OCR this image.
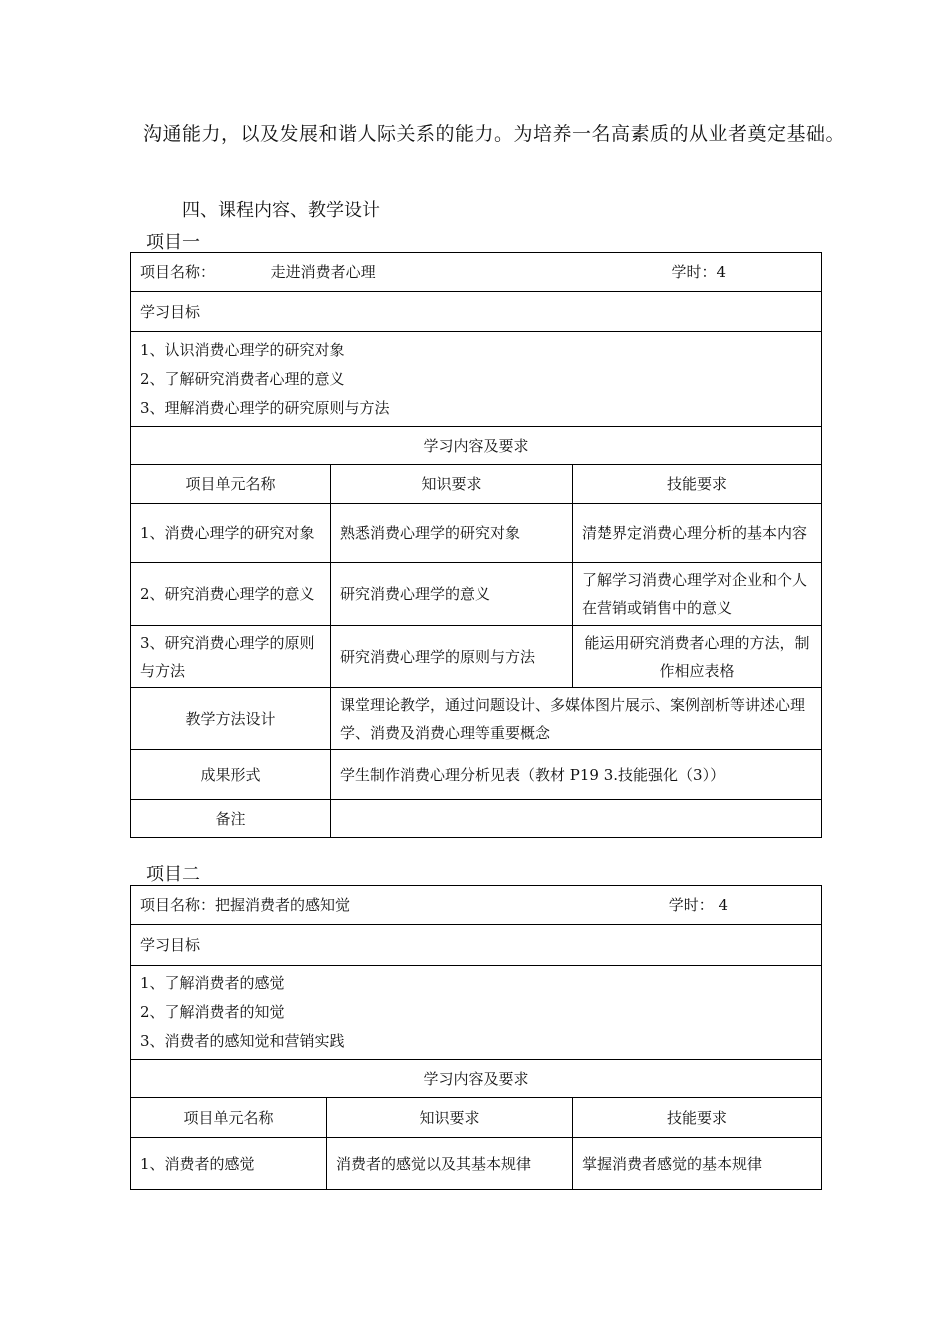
沟通能力，以及发展和谐人际关系的能力。为培养一名高素质的从业者奠定基础。
四、课程内容、教学设计
项目一
项目名称： 走进消费者心理 学时：4		

学习目标		

1、认识消费心理学的研究对象
2、了解研究消费者心理的意义
3、理解消费心理学的研究原则与方法		

学习内容及要求		
项目单元名称	知识要求	技能要求
1、消费心理学的研究对象	熟悉消费心理学的研究对象	清楚界定消费心理分析的基本内容
2、研究消费心理学的意义	研究消费心理学的意义	了解学习消费心理学对企业和个人在营销或销售中的意义
3、研究消费心理学的原则与方法	研究消费心理学的原则与方法	能运用研究消费者心理的方法，制作相应表格
教学方法设计	课堂理论教学，通过问题设计、多媒体图片展示、案例剖析等讲述心理学、消费及消费心理等重要概念	
成果形式	学生制作消费心理分析见表（教材 P19 3.技能强化（3））	
备注		
项目二
项目名称：把握消费者的感知觉 学时： 4		

学习目标		

1、了解消费者的感觉
2、了解消费者的知觉
3、消费者的感知觉和营销实践		

学习内容及要求		
项目单元名称	知识要求	技能要求
1、消费者的感觉	消费者的感觉以及其基本规律	掌握消费者感觉的基本规律
